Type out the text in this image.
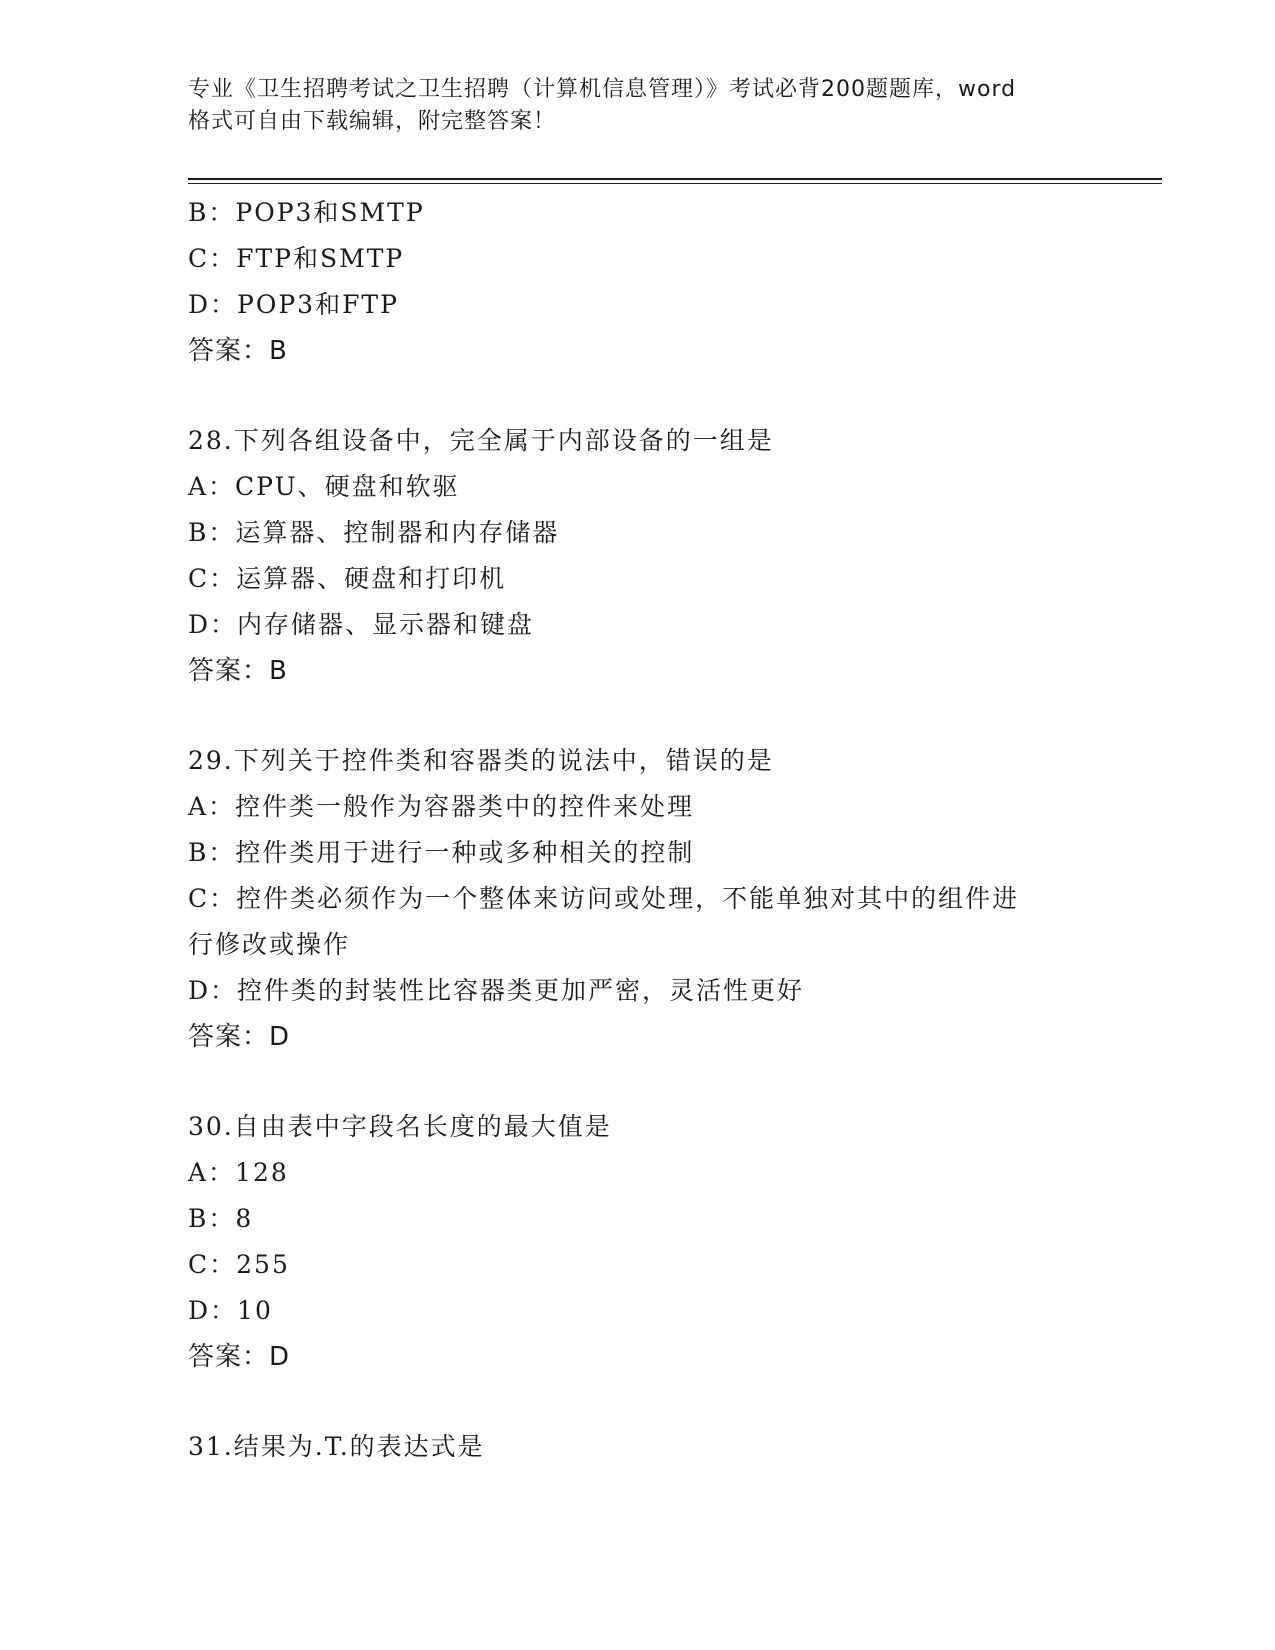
专业《卫生招聘考试之卫生招聘（计算机信息管理）》考试必背200题题库，word
格式可自由下载编辑，附完整答案！
B：POP3和SMTP
C：FTP和SMTP
D：POP3和FTP
答案：B
28.下列各组设备中，完全属于内部设备的一组是
A：CPU、硬盘和软驱
B：运算器、控制器和内存储器
C：运算器、硬盘和打印机
D：内存储器、显示器和键盘
答案：B
29.下列关于控件类和容器类的说法中，错误的是
A：控件类一般作为容器类中的控件来处理
B：控件类用于进行一种或多种相关的控制
C：控件类必须作为一个整体来访问或处理，不能单独对其中的组件进
行修改或操作
D：控件类的封装性比容器类更加严密，灵活性更好
答案：D
30.自由表中字段名长度的最大值是
A：128
B：8
C：255
D：10
答案：D
31.结果为.T.的表达式是
